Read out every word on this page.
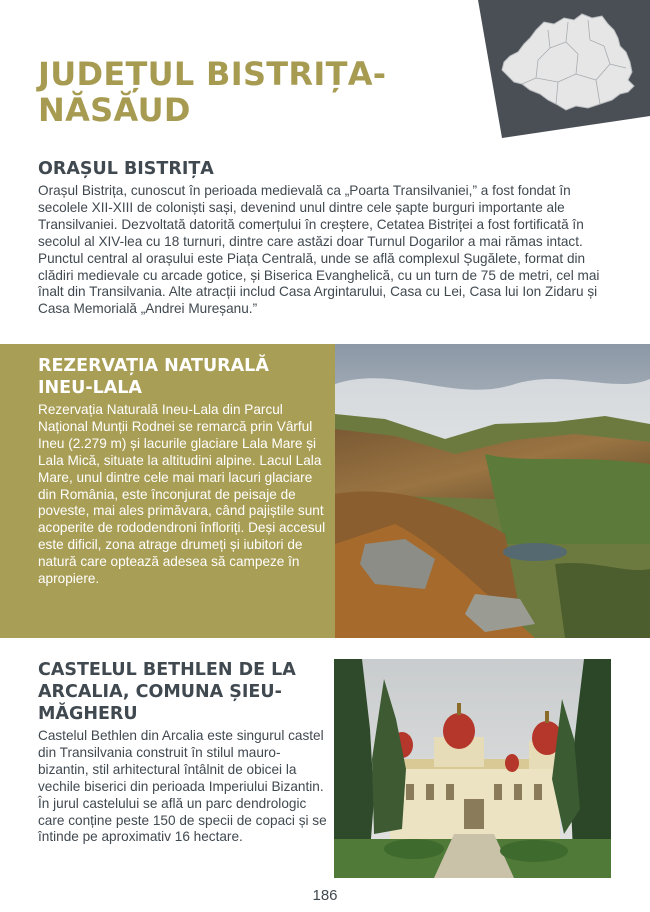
JUDEȚUL BISTRIȚA-NĂSĂUD
ORAȘUL BISTRIȚA

Orașul Bistrița, cunoscut în perioada medievală ca „Poarta Transilvaniei,” a fost fondat în secolele XII-XIII de coloniști sași, devenind unul dintre cele șapte burguri importante ale Transilvaniei. Dezvoltată datorită comerțului în creștere, Cetatea Bistriței a fost fortificată în secolul al XIV-lea cu 18 turnuri, dintre care astăzi doar Turnul Dogarilor a mai rămas intact. Punctul central al orașului este Piața Centrală, unde se află complexul Șugălete, format din clădiri medievale cu arcade gotice, și Biserica Evanghelică, cu un turn de 75 de metri, cel mai înalt din Transilvania. Alte atracții includ Casa Argintarului, Casa cu Lei, Casa lui Ion Zidaru și Casa Memorială „Andrei Mureșanu.”

REZERVAȚIA NATURALĂ INEU-LALA

Rezervația Naturală Ineu-Lala din Parcul Național Munții Rodnei se remarcă prin Vârful Ineu (2.279 m) și lacurile glaciare Lala Mare și Lala Mică, situate la altitudini alpine. Lacul Lala Mare, unul dintre cele mai mari lacuri glaciare din România, este înconjurat de peisaje de poveste, mai ales primăvara, când pajiștile sunt acoperite de rododendroni înfloriți. Deși accesul este dificil, zona atrage drumeți și iubitori de natură care optează adesea să campeze în apropiere.

CASTELUL BETHLEN DE LA ARCALIA, COMUNA ȘIEU-MĂGHERU

Castelul Bethlen din Arcalia este singurul castel din Transilvania construit în stilul mauro-bizantin, stil arhitectural întâlnit de obicei la vechile biserici din perioada Imperiului Bizantin. În jurul castelului se află un parc dendrologic care conține peste 150 de specii de copaci și se întinde pe aproximativ 16 hectare.

186
